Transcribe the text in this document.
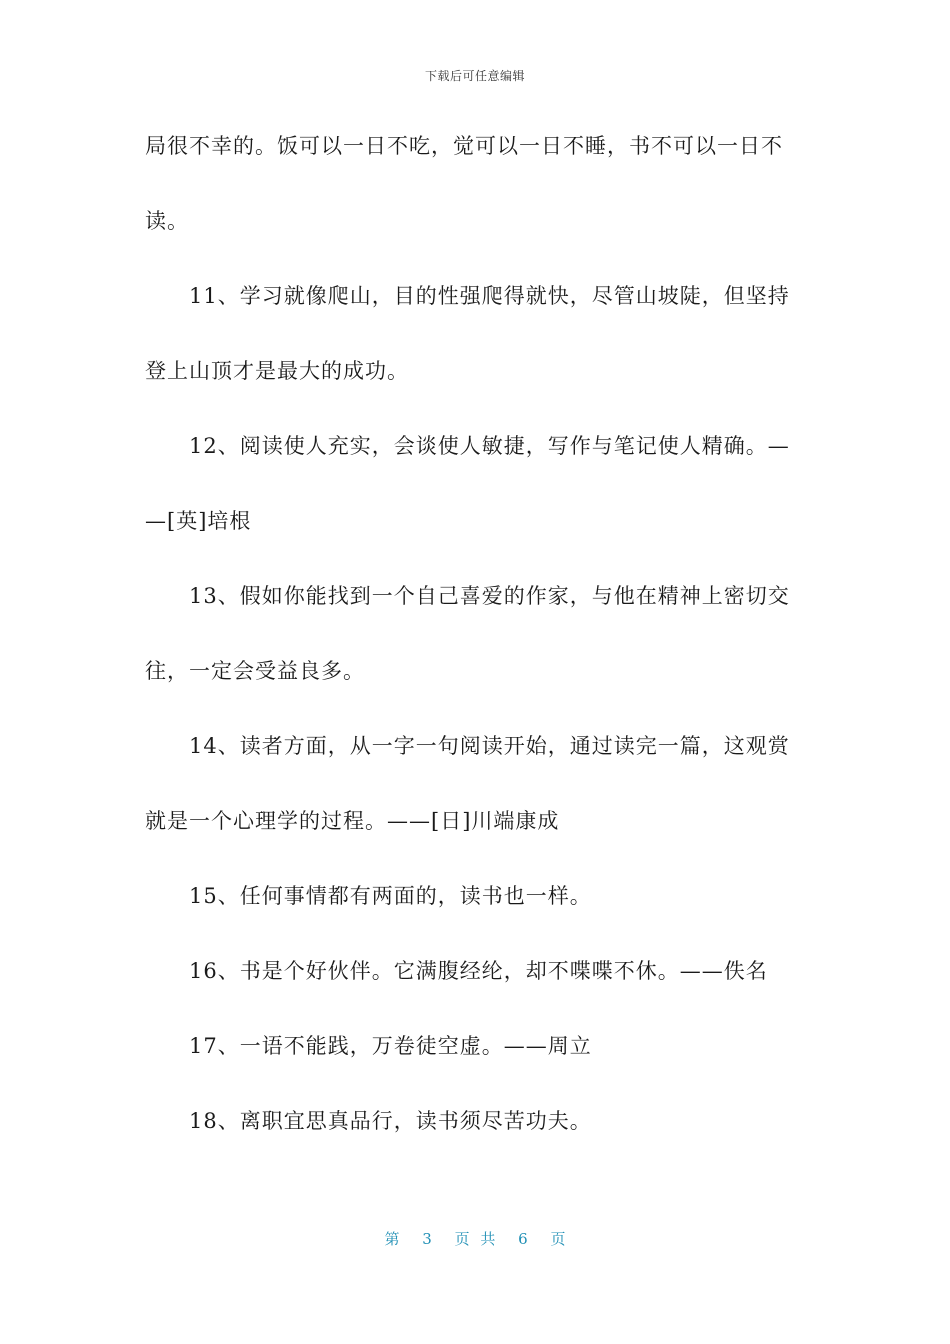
下载后可任意编辑
局很不幸的。饭可以一日不吃，觉可以一日不睡，书不可以一日不
读。
11、学习就像爬山，目的性强爬得就快，尽管山坡陡，但坚持
登上山顶才是最大的成功。
12、阅读使人充实，会谈使人敏捷，写作与笔记使人精确。—
—[英]培根
13、假如你能找到一个自己喜爱的作家，与他在精神上密切交
往，一定会受益良多。
14、读者方面，从一字一句阅读开始，通过读完一篇，这观赏
就是一个心理学的过程。——[日]川端康成
15、任何事情都有两面的，读书也一样。
16、书是个好伙伴。它满腹经纶，却不喋喋不休。——佚名
17、一语不能践，万卷徒空虚。——周立
18、离职宜思真品行，读书须尽苦功夫。
第 3 页 共 6 页
